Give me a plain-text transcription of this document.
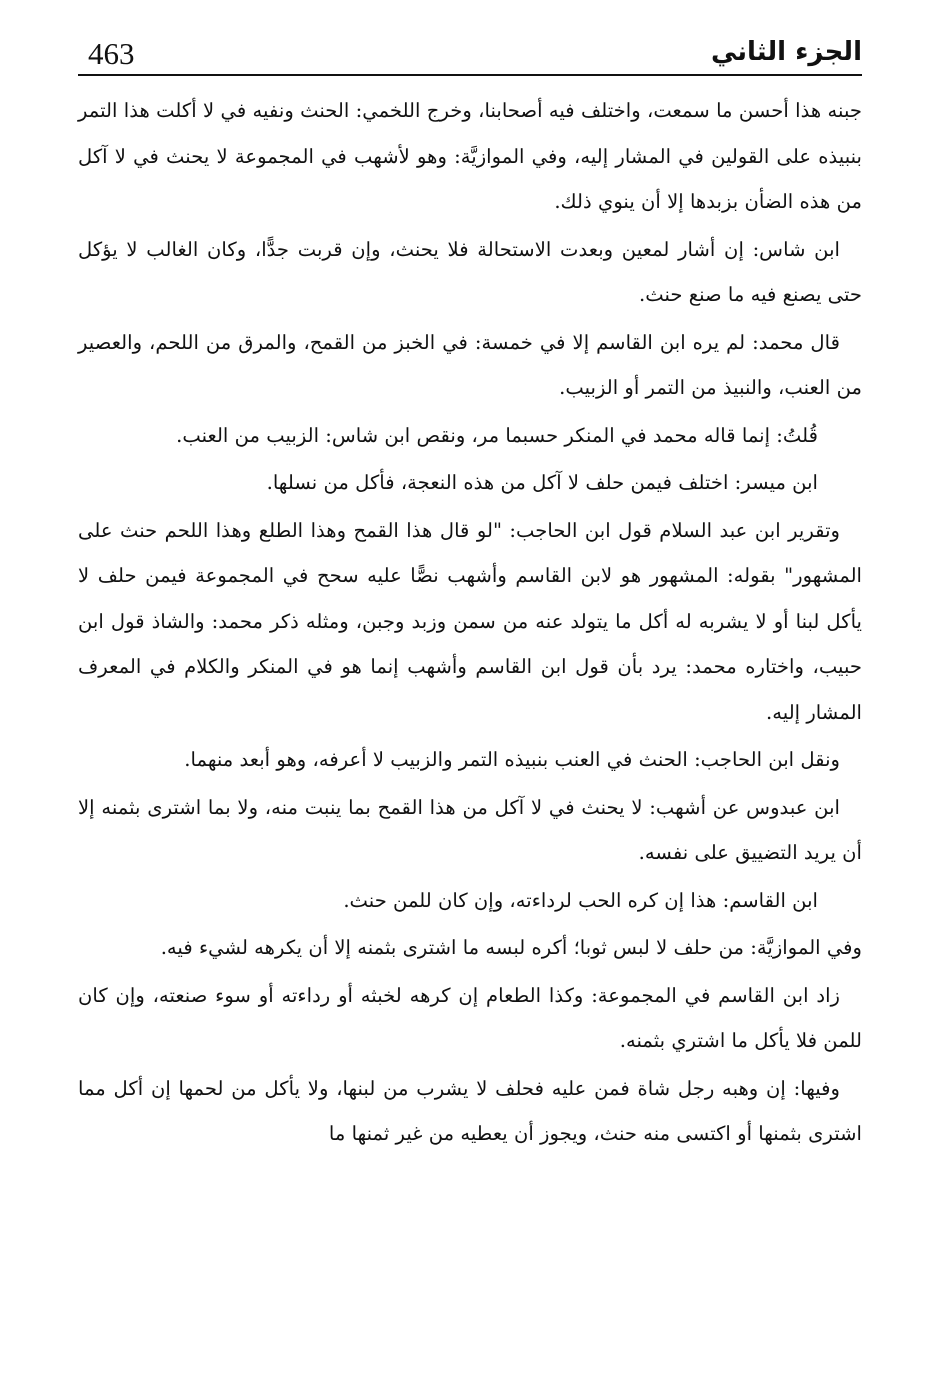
463	الجزء الثاني

جبنه هذا أحسن ما سمعت، واختلف فيه أصحابنا، وخرج اللخمي: الحنث ونفيه في لا أكلت هذا التمر بنبيذه على القولين في المشار إليه، وفي الموازيَّة: وهو لأشهب في المجموعة لا يحنث في لا آكل من هذه الضأن بزبدها إلا أن ينوي ذلك.

ابن شاس: إن أشار لمعين وبعدت الاستحالة فلا يحنث، وإن قربت جدًّا، وكان الغالب لا يؤكل حتى يصنع فيه ما صنع حنث.

قال محمد: لم يره ابن القاسم إلا في خمسة: في الخبز من القمح، والمرق من اللحم، والعصير من العنب، والنبيذ من التمر أو الزبيب.

قُلتُ: إنما قاله محمد في المنكر حسبما مر، ونقص ابن شاس: الزبيب من العنب.

ابن ميسر: اختلف فيمن حلف لا آكل من هذه النعجة، فأكل من نسلها.

وتقرير ابن عبد السلام قول ابن الحاجب: "لو قال هذا القمح وهذا الطلع وهذا اللحم حنث على المشهور" بقوله: المشهور هو لابن القاسم وأشهب نصًّا عليه سحح في المجموعة فيمن حلف لا يأكل لبنا أو لا يشربه له أكل ما يتولد عنه من سمن وزبد وجبن، ومثله ذكر محمد: والشاذ قول ابن حبيب، واختاره محمد: يرد بأن قول ابن القاسم وأشهب إنما هو في المنكر والكلام في المعرف المشار إليه.

ونقل ابن الحاجب: الحنث في العنب بنبيذه التمر والزبيب لا أعرفه، وهو أبعد منهما.

ابن عبدوس عن أشهب: لا يحنث في لا آكل من هذا القمح بما ينبت منه، ولا بما اشترى بثمنه إلا أن يريد التضييق على نفسه.

ابن القاسم: هذا إن كره الحب لرداءته، وإن كان للمن حنث.

وفي الموازيَّة: من حلف لا لبس ثوبا؛ أكره لبسه ما اشترى بثمنه إلا أن يكرهه لشيء فيه.

زاد ابن القاسم في المجموعة: وكذا الطعام إن كرهه لخبثه أو رداءته أو سوء صنعته، وإن كان للمن فلا يأكل ما اشتري بثمنه.

وفيها: إن وهبه رجل شاة فمن عليه فحلف لا يشرب من لبنها، ولا يأكل من لحمها إن أكل مما اشترى بثمنها أو اكتسى منه حنث، ويجوز أن يعطيه من غير ثمنها ما
